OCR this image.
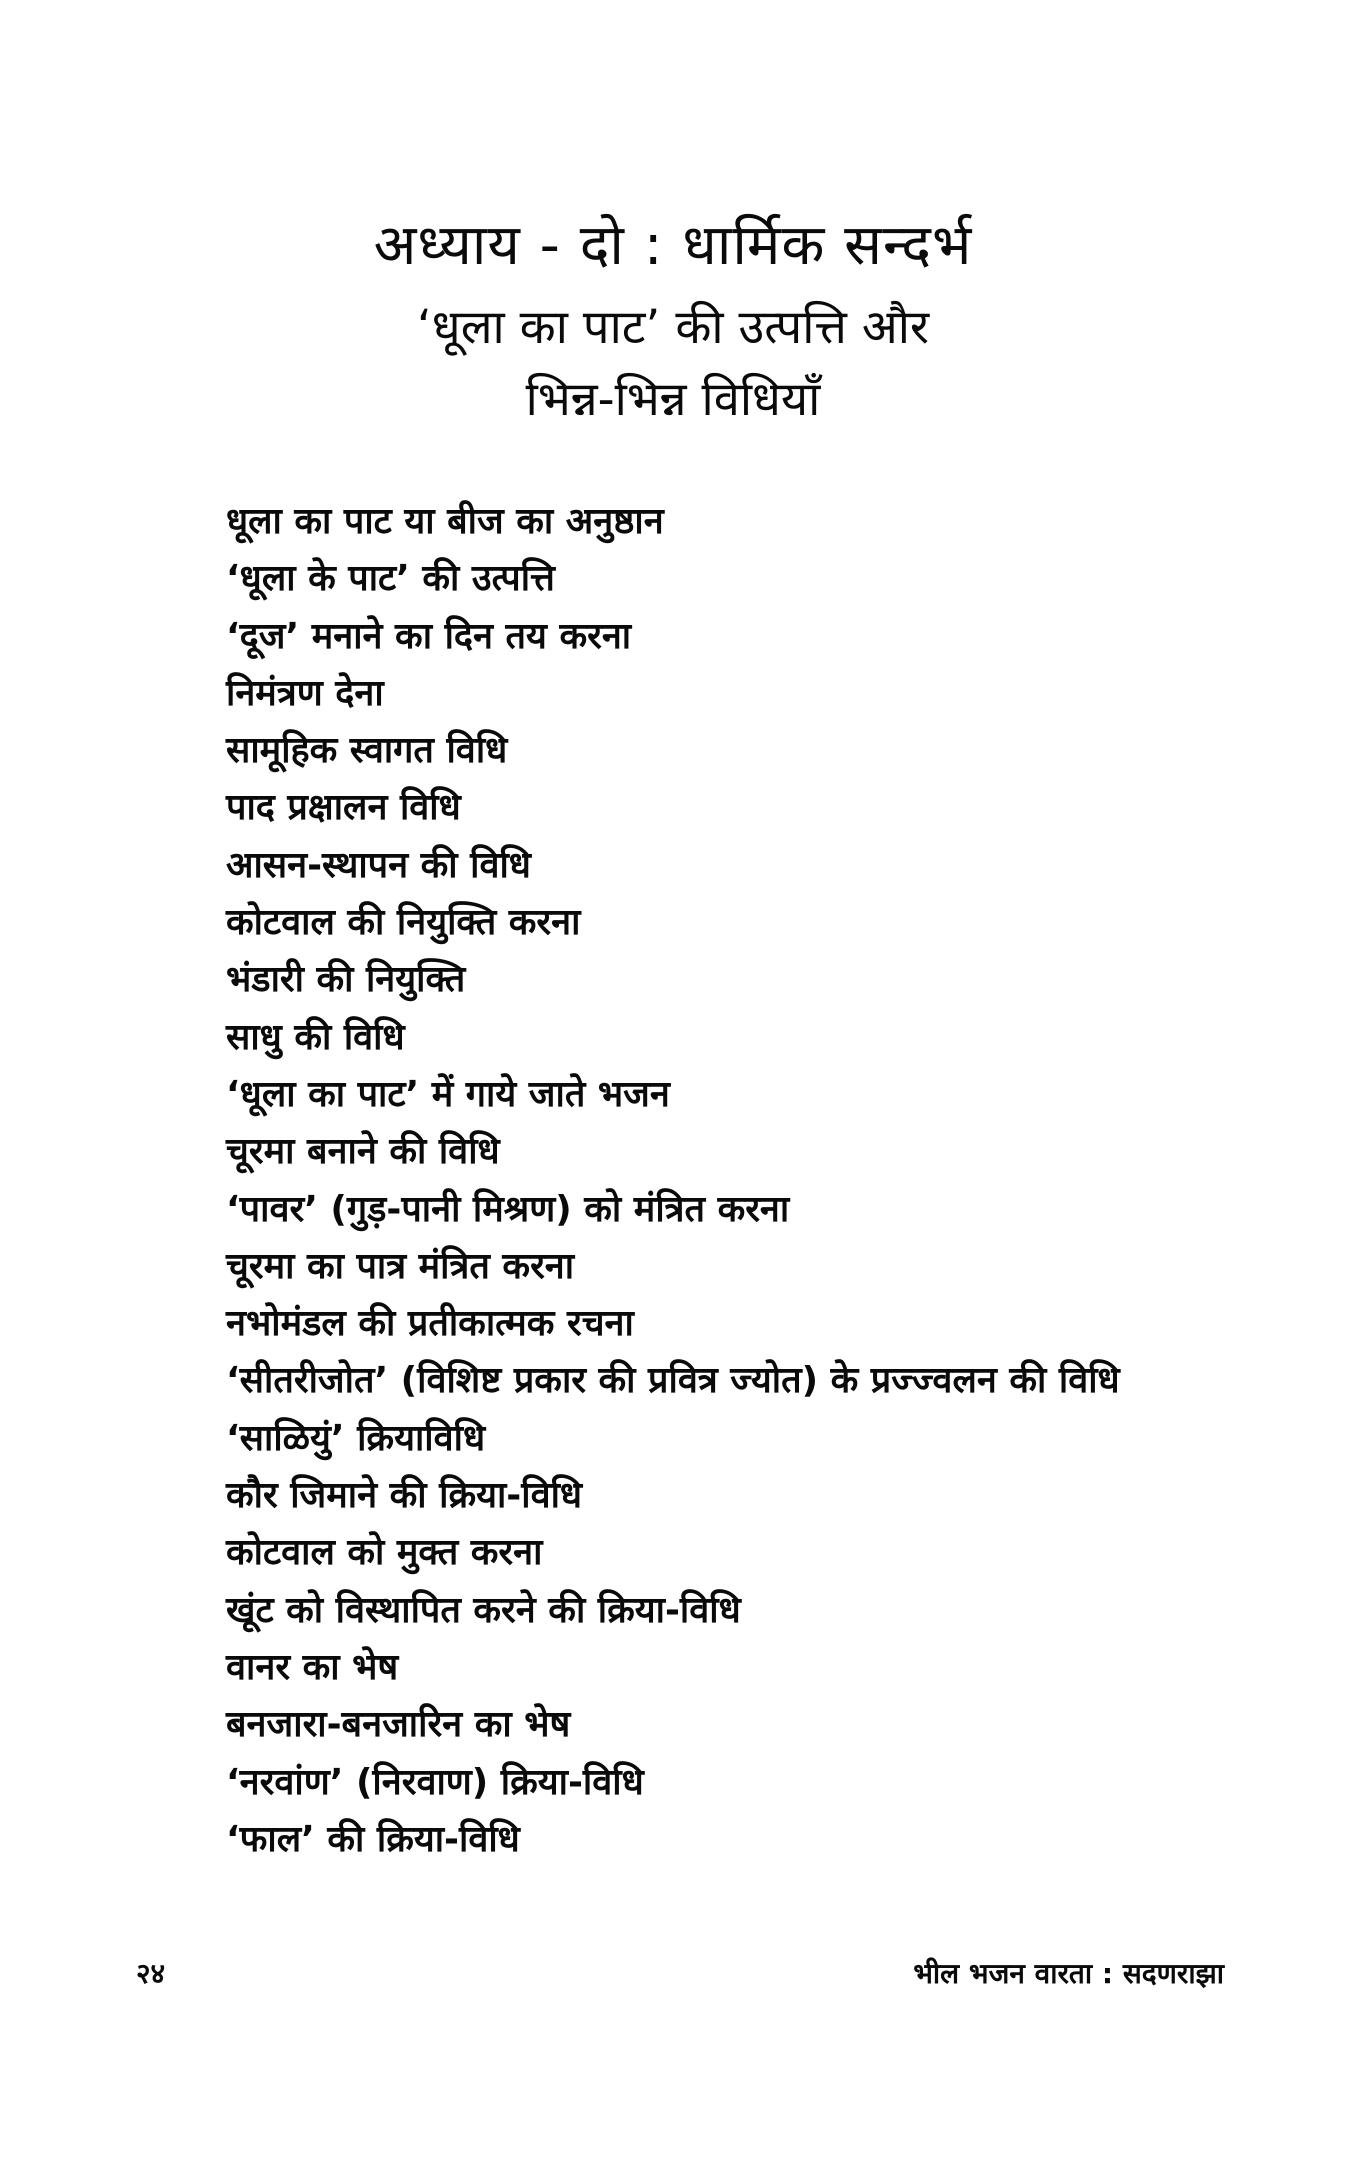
अध्याय - दो : धार्मिक सन्दर्भ
‘धूला का पाट’ की उत्पत्ति और
भिन्न-भिन्न विधियाँ
धूला का पाट या बीज का अनुष्ठान
‘धूला के पाट’ की उत्पत्ति
‘दूज’ मनाने का दिन तय करना
निमंत्रण देना
सामूहिक स्वागत विधि
पाद प्रक्षालन विधि
आसन-स्थापन की विधि
कोटवाल की नियुक्ति करना
भंडारी की नियुक्ति
साधु की विधि
‘धूला का पाट’ में गाये जाते भजन
चूरमा बनाने की विधि
‘पावर’ (गुड़-पानी मिश्रण) को मंत्रित करना
चूरमा का पात्र मंत्रित करना
नभोमंडल की प्रतीकात्मक रचना
‘सीतरीजोत’ (विशिष्ट प्रकार की प्रवित्र ज्योत) के प्रज्ज्वलन की विधि
‘साळियुं’ क्रियाविधि
कौर जिमाने की क्रिया-विधि
कोटवाल को मुक्त करना
खूंट को विस्थापित करने की क्रिया-विधि
वानर का भेष
बनजारा-बनजारिन का भेष
‘नरवांण’ (निरवाण) क्रिया-विधि
‘फाल’ की क्रिया-विधि
२४	भील भजन वारता : सदणराझा
